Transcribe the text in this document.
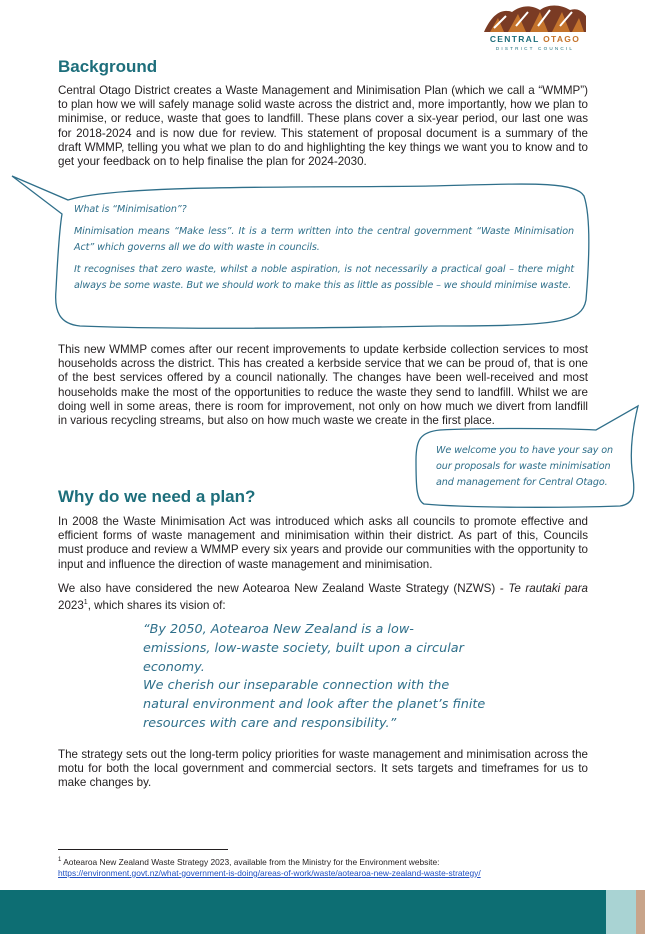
CENTRAL OTAGO
DISTRICT COUNCIL
Background

Central Otago District creates a Waste Management and Minimisation Plan (which we call a “WMMP”) to plan how we will safely manage solid waste across the district and, more importantly, how we plan to minimise, or reduce, waste that goes to landfill. These plans cover a six-year period, our last one was for 2018-2024 and is now due for review. This statement of proposal document is a summary of the draft WMMP, telling you what we plan to do and highlighting the key things we want you to know and to get your feedback on to help finalise the plan for 2024-2030.

What is “Minimisation”?
Minimisation means “Make less”. It is a term written into the central government “Waste Minimisation Act” which governs all we do with waste in councils.
It recognises that zero waste, whilst a noble aspiration, is not necessarily a practical goal – there might always be some waste. But we should work to make this as little as possible – we should minimise waste.

This new WMMP comes after our recent improvements to update kerbside collection services to most households across the district. This has created a kerbside service that we can be proud of, that is one of the best services offered by a council nationally. The changes have been well-received and most households make the most of the opportunities to reduce the waste they send to landfill. Whilst we are doing well in some areas, there is room for improvement, not only on how much we divert from landfill in various recycling streams, but also on how much waste we create in the first place.

We welcome you to have your say on our proposals for waste minimisation and management for Central Otago.
Why do we need a plan?

In 2008 the Waste Minimisation Act was introduced which asks all councils to promote effective and efficient forms of waste management and minimisation within their district. As part of this, Councils must produce and review a WMMP every six years and provide our communities with the opportunity to input and influence the direction of waste management and minimisation.

We also have considered the new Aotearoa New Zealand Waste Strategy (NZWS) - Te rautaki para 2023$^1$, which shares its vision of:

“By 2050, Aotearoa New Zealand is a low-emissions, low-waste society, built upon a circular economy.
We cherish our inseparable connection with the natural environment and look after the planet’s finite resources with care and responsibility.”

The strategy sets out the long-term policy priorities for waste management and minimisation across the motu for both the local government and commercial sectors. It sets targets and timeframes for us to make changes by.

$^1$ Aotearoa New Zealand Waste Strategy 2023, available from the Ministry for the Environment website:
https://environment.govt.nz/what-government-is-doing/areas-of-work/waste/aotearoa-new-zealand-waste-strategy/
